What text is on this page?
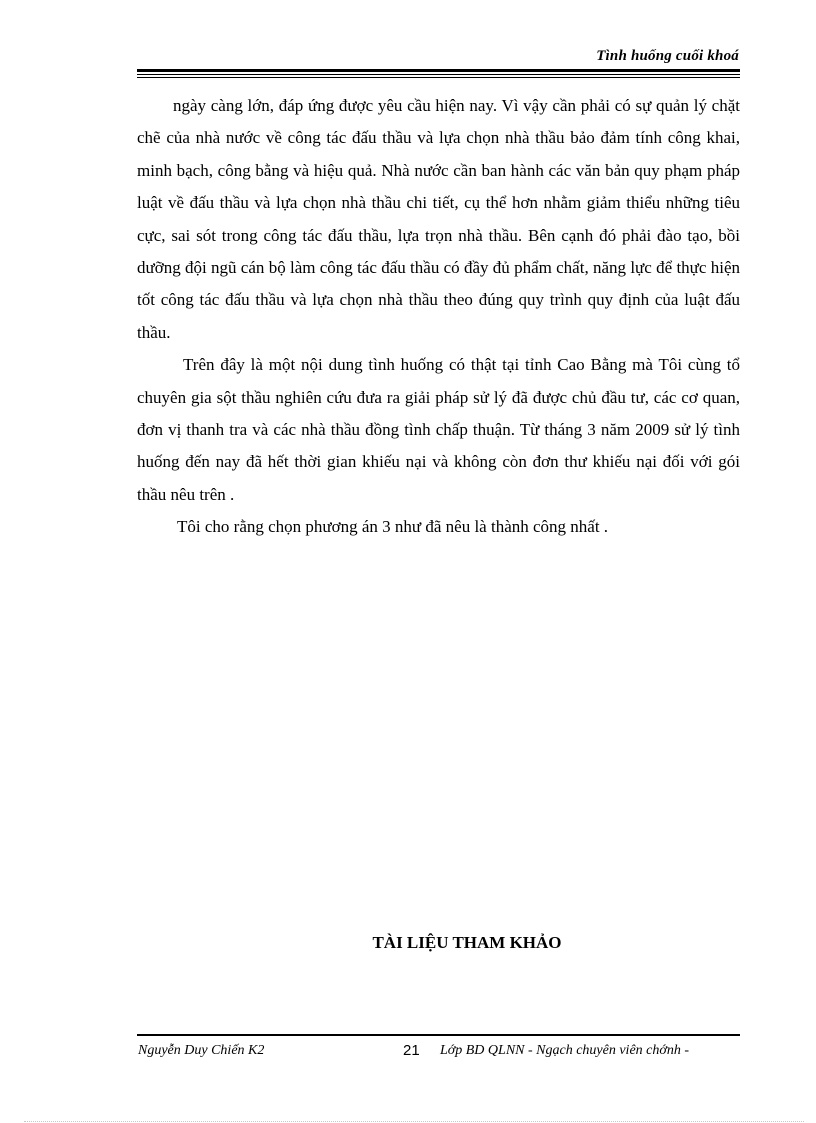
Tình huống cuối khoá

ngày càng lớn, đáp ứng được yêu cầu hiện nay. Vì vậy cần phải có sự quản lý chặt chẽ của nhà nước về công tác đấu thầu và lựa chọn nhà thầu bảo đảm tính công khai, minh bạch, công bằng và hiệu quả. Nhà nước cần ban hành các văn bản quy phạm pháp luật về đấu thầu và lựa chọn nhà thầu chi tiết, cụ thể hơn nhằm giảm thiểu những tiêu cực, sai sót trong công tác đấu thầu, lựa trọn nhà thầu. Bên cạnh đó phải đào tạo, bồi dưỡng đội ngũ cán bộ làm công tác đấu thầu có đầy đủ phẩm chất, năng lực để thực hiện tốt công tác đấu thầu và lựa chọn nhà thầu theo đúng quy trình quy định của luật đấu thầu.

Trên đây là một nội dung tình huống có thật tại tỉnh Cao Bằng mà Tôi cùng tổ chuyên gia sột thầu nghiên cứu đưa ra giải pháp sử lý đã được chủ đầu tư, các cơ quan, đơn vị thanh tra và các nhà thầu đồng tình chấp thuận. Từ tháng 3 năm 2009 sử lý tình huống đến nay đã hết thời gian khiếu nại và không còn đơn thư khiếu nại đối với gói thầu nêu trên .

Tôi cho rằng chọn phương án 3 như đã nêu là thành công nhất .

TÀI LIỆU THAM KHẢO
Nguyễn Duy Chiến K2	21 Lớp BD QLNN - Ngạch chuyên viên chớnh -
